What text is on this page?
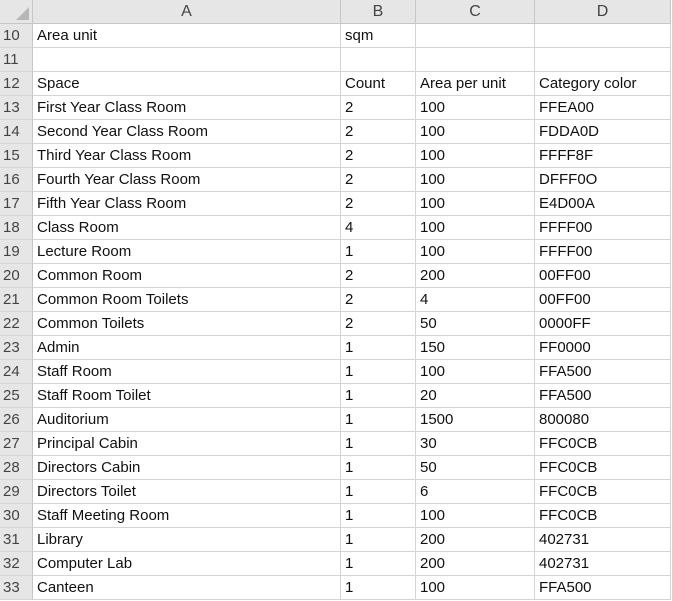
A	B	C	D
10	Area unit	sqm
11
12	Space	Count	Area per unit	Category color
13	First Year Class Room	2	100	FFEA00
14	Second Year Class Room	2	100	FDDA0D
15	Third Year Class Room	2	100	FFFF8F
16	Fourth Year Class Room	2	100	DFFF0O
17	Fifth Year Class Room	2	100	E4D00A
18	Class Room	4	100	FFFF00
19	Lecture Room	1	100	FFFF00
20	Common Room	2	200	00FF00
21	Common Room Toilets	2	4	00FF00
22	Common Toilets	2	50	0000FF
23	Admin	1	150	FF0000
24	Staff Room	1	100	FFA500
25	Staff Room Toilet	1	20	FFA500
26	Auditorium	1	1500	800080
27	Principal Cabin	1	30	FFC0CB
28	Directors Cabin	1	50	FFC0CB
29	Directors Toilet	1	6	FFC0CB
30	Staff Meeting Room	1	100	FFC0CB
31	Library	1	200	402731
32	Computer Lab	1	200	402731
33	Canteen	1	100	FFA500
